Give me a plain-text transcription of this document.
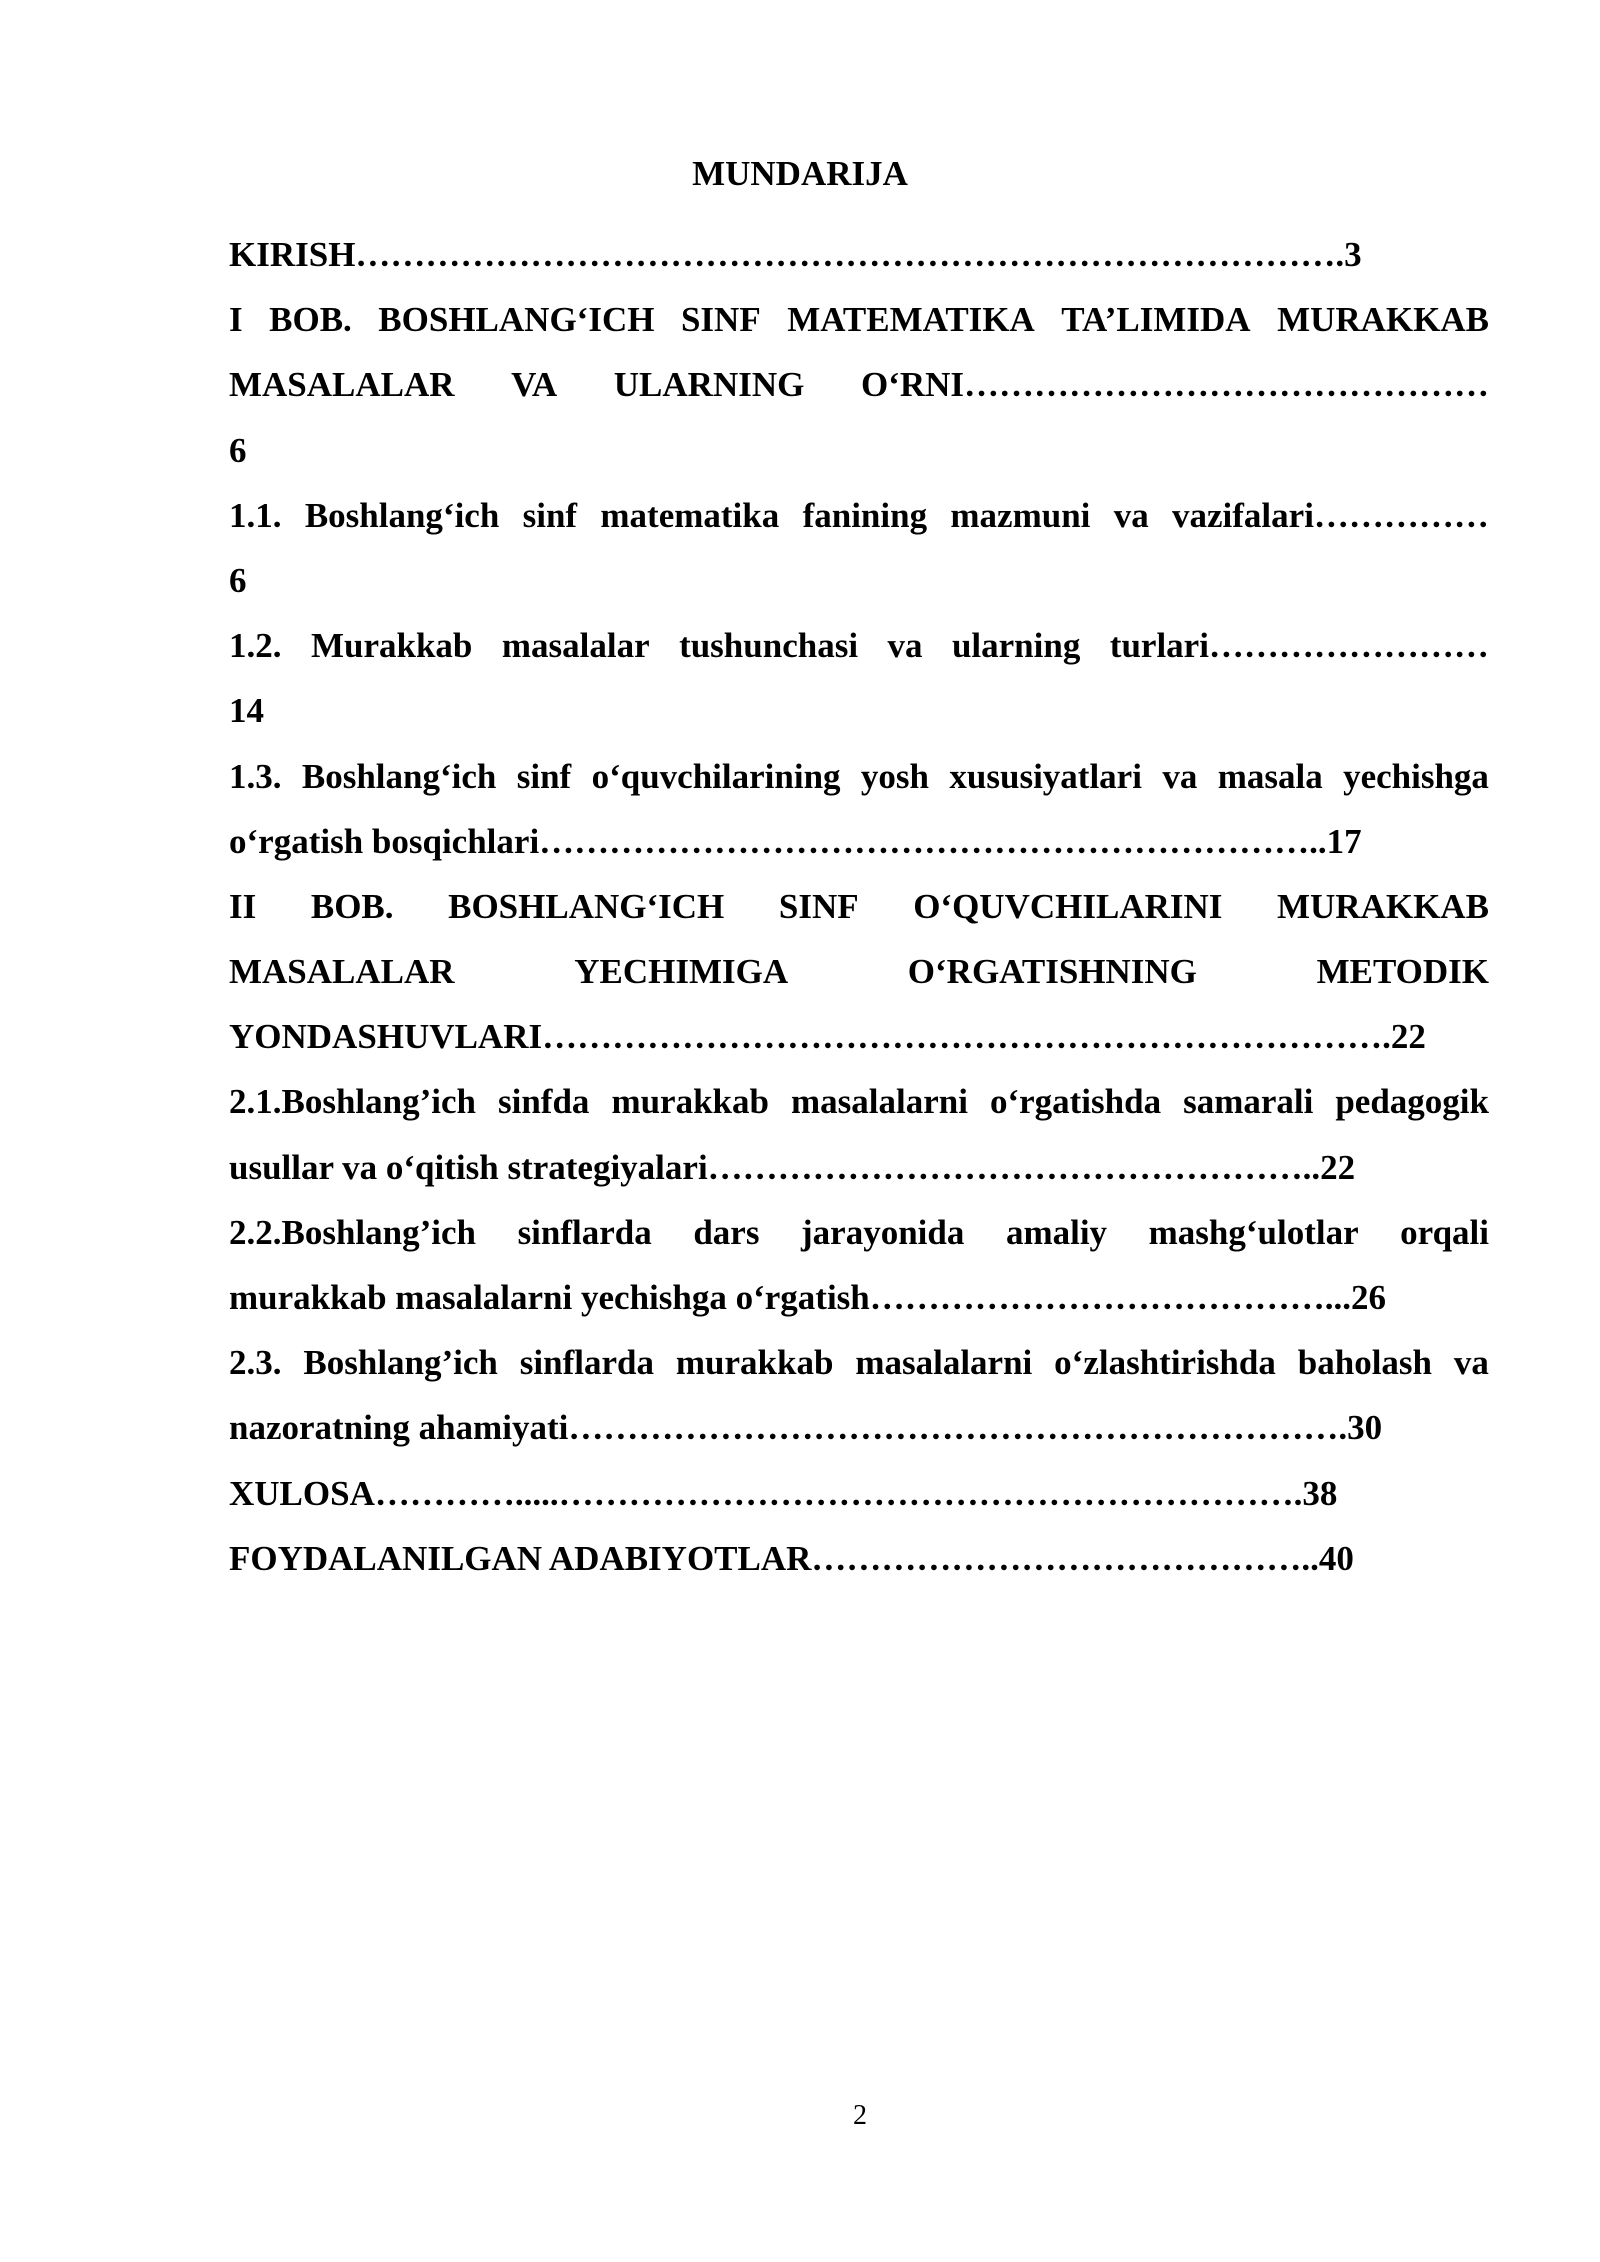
MUNDARIJA
KIRISH………………………………………………………………………….3
I BOB. BOSHLANG‘ICH SINF MATEMATIKA TA’LIMIDA MURAKKAB
MASALALAR VA ULARNING O‘RNI………………………………………
6
1.1. Boshlang‘ich sinf matematika fanining mazmuni va vazifalari……………
6
1.2. Murakkab masalalar tushunchasi va ularning turlari……………………
14
1.3. Boshlang‘ich sinf o‘quvchilarining yosh xususiyatlari va masala yechishga
o‘rgatish bosqichlari…………………………………………………………..17
II BOB. BOSHLANG‘ICH SINF O‘QUVCHILARINI MURAKKAB
MASALALAR	YECHIMIGA	O‘RGATISHNING	METODIK
YONDASHUVLARI……………………………………………………………….22
2.1.Boshlang’ich sinfda murakkab masalalarni o‘rgatishda samarali pedagogik
usullar va o‘qitish strategiyalari……………………………………………..22
2.2.Boshlang’ich sinflarda dars jarayonida amaliy mashg‘ulotlar orqali
murakkab masalalarni yechishga o‘rgatish…………………………………...26
2.3. Boshlang’ich sinflarda murakkab masalalarni o‘zlashtirishda baholash va
nazoratning ahamiyati………………………………………………………….30
XULOSA………….....……………………………………………………….38
FOYDALANILGAN ADABIYOTLAR……………………………………..40
2
